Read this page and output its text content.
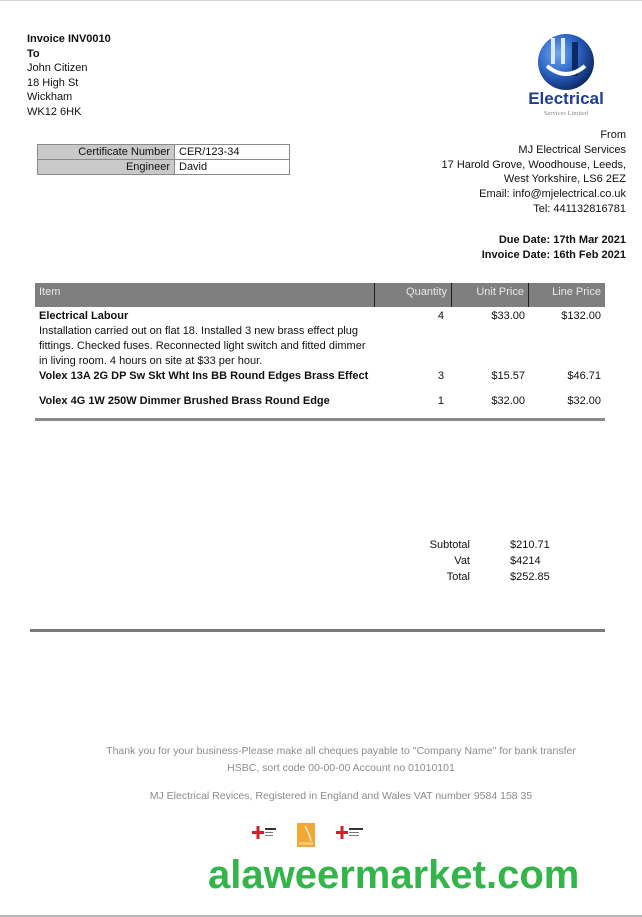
Invoice INV0010
To
John Citizen
18 High St
Wickham
WK12 6HK
Certificate Number	CER/123-34
Engineer	David
Electrical
Services Limited
From
MJ Electrical Services
17 Harold Grove, Woodhouse, Leeds,
West Yorkshire, LS6 2EZ
Email: info@mjelectrical.co.uk
Tel: 441132816781
Due Date: 17th Mar 2021
Invoice Date: 16th Feb 2021
Item	Quantity	Unit Price	Line Price
Electrical Labour
Installation carried out on flat 18. Installed 3 new brass effect plug fittings. Checked fuses. Reconnected light switch and fitted dimmer in living room. 4 hours on site at $33 per hour.
4	$33.00	$132.00
Volex 13A 2G DP Sw Skt Wht Ins BB Round Edges Brass Effect	3	$15.57	$46.71
Volex 4G 1W 250W Dimmer Brushed Brass Round Edge	1	$32.00	$32.00
Subtotal	$210.71
Vat	$4214
Total	$252.85
Thank you for your business-Please make all cheques payable to ''Company Name'' for bank transfer
HSBC, sort code 00-00-00 Account no 01010101
MJ Electrical Revices, Registered in England and Wales VAT number 9584 158 35
alaweermarket.com
